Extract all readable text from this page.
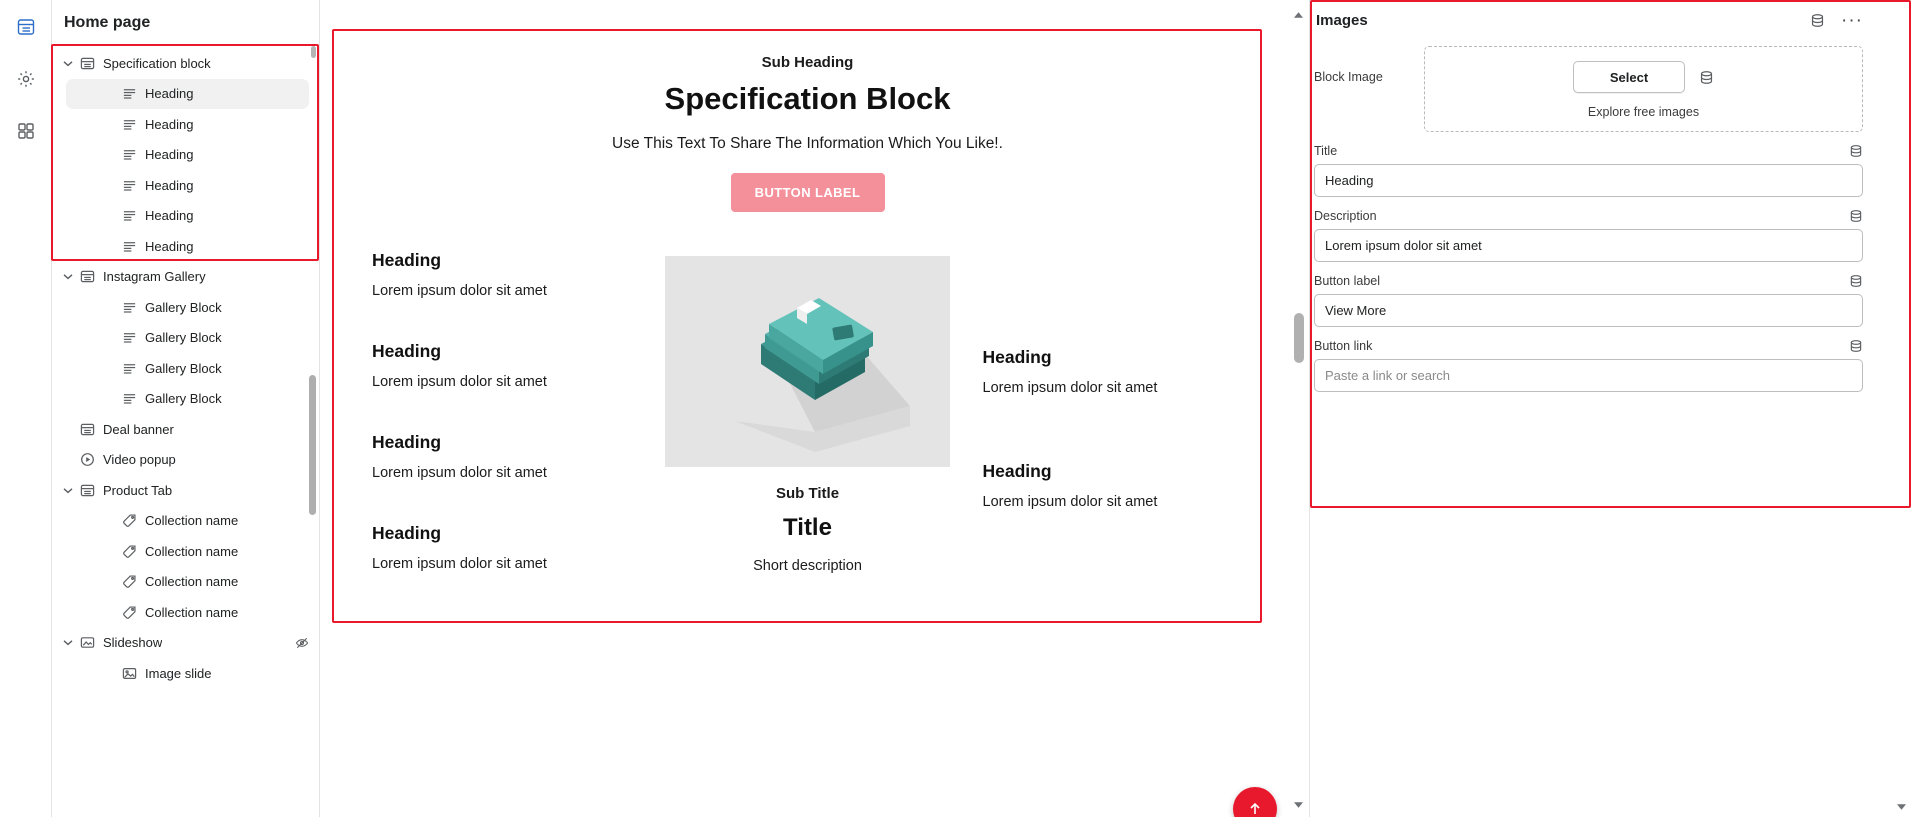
Home page
Specification block
Heading
Heading
Heading
Heading
Heading
Heading
Instagram Gallery
Gallery Block
Gallery Block
Gallery Block
Gallery Block
Deal banner
Video popup
Product Tab
Collection name
Collection name
Collection name
Collection name
Slideshow
Image slide
Sub Heading
Specification Block
Use This Text To Share The Information Which You Like!.
BUTTON LABEL
Heading

Lorem ipsum dolor sit amet

Heading

Lorem ipsum dolor sit amet

Heading

Lorem ipsum dolor sit amet

Heading

Lorem ipsum dolor sit amet

Sub Title
Title
Short description
Heading

Lorem ipsum dolor sit amet

Heading

Lorem ipsum dolor sit amet

Images	···
Block Image	Select
Explore free images
Title
Heading
Description
Lorem ipsum dolor sit amet
Button label
View More
Button link
Paste a link or search
